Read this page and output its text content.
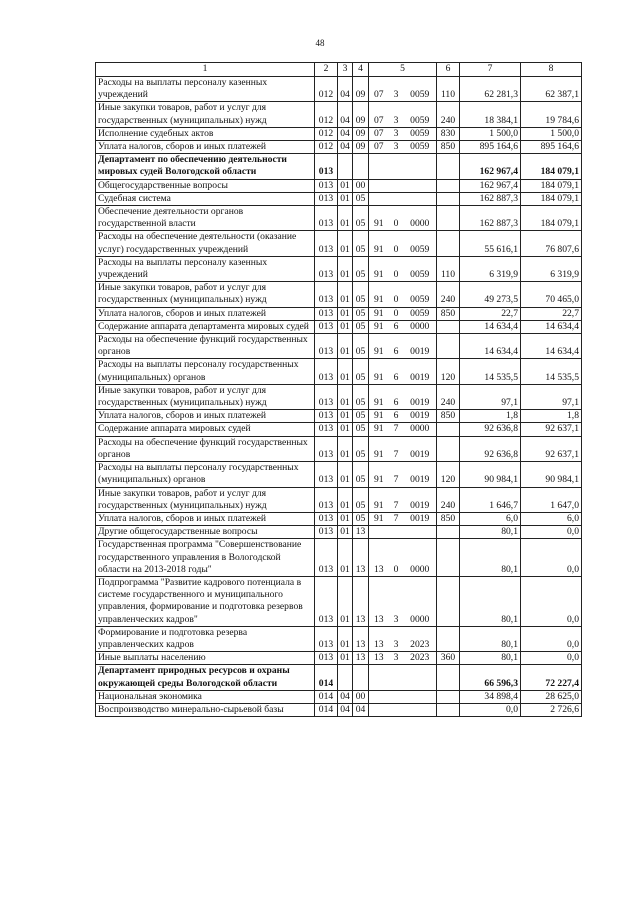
48
1	2	3	4	5			6	7	8
Расходы на выплаты персоналу казенных учреждений	012	04	09	07	3	0059	110	62 281,3	62 387,1
Иные закупки товаров, работ и услуг для государственных (муниципальных) нужд	012	04	09	07	3	0059	240	18 384,1	19 784,6
Исполнение судебных актов	012	04	09	07	3	0059	830	1 500,0	1 500,0
Уплата налогов, сборов и иных платежей	012	04	09	07	3	0059	850	895 164,6	895 164,6
Департамент по обеспечению деятельности мировых судей Вологодской области	013							162 967,4	184 079,1
Общегосударственные вопросы	013	01	00					162 967,4	184 079,1
Судебная система	013	01	05					162 887,3	184 079,1
Обеспечение деятельности органов государственной власти	013	01	05	91	0	0000		162 887,3	184 079,1
Расходы на обеспечение деятельности (оказание услуг) государственных учреждений	013	01	05	91	0	0059		55 616,1	76 807,6
Расходы на выплаты персоналу казенных учреждений	013	01	05	91	0	0059	110	6 319,9	6 319,9
Иные закупки товаров, работ и услуг для государственных (муниципальных) нужд	013	01	05	91	0	0059	240	49 273,5	70 465,0
Уплата налогов, сборов и иных платежей	013	01	05	91	0	0059	850	22,7	22,7
Содержание аппарата департамента мировых судей	013	01	05	91	6	0000		14 634,4	14 634,4
Расходы на обеспечение функций государственных органов	013	01	05	91	6	0019		14 634,4	14 634,4
Расходы на выплаты персоналу государственных (муниципальных) органов	013	01	05	91	6	0019	120	14 535,5	14 535,5
Иные закупки товаров, работ и услуг для государственных (муниципальных) нужд	013	01	05	91	6	0019	240	97,1	97,1
Уплата налогов, сборов и иных платежей	013	01	05	91	6	0019	850	1,8	1,8
Содержание аппарата мировых судей	013	01	05	91	7	0000		92 636,8	92 637,1
Расходы на обеспечение функций государственных органов	013	01	05	91	7	0019		92 636,8	92 637,1
Расходы на выплаты персоналу государственных (муниципальных) органов	013	01	05	91	7	0019	120	90 984,1	90 984,1
Иные закупки товаров, работ и услуг для государственных (муниципальных) нужд	013	01	05	91	7	0019	240	1 646,7	1 647,0
Уплата налогов, сборов и иных платежей	013	01	05	91	7	0019	850	6,0	6,0
Другие общегосударственные вопросы	013	01	13					80,1	0,0
Государственная программа "Совершенствование государственного управления в Вологодской области на 2013-2018 годы"	013	01	13	13	0	0000		80,1	0,0
Подпрограмма "Развитие кадрового потенциала в системе государственного и муниципального управления, формирование и подготовка резервов управленческих кадров"	013	01	13	13	3	0000		80,1	0,0
Формирование и подготовка резерва управленческих кадров	013	01	13	13	3	2023		80,1	0,0
Иные выплаты населению	013	01	13	13	3	2023	360	80,1	0,0
Департамент природных ресурсов и охраны окружающей среды Вологодской области	014							66 596,3	72 227,4
Национальная экономика	014	04	00					34 898,4	28 625,0
Воспроизводство минерально-сырьевой базы	014	04	04					0,0	2 726,6
